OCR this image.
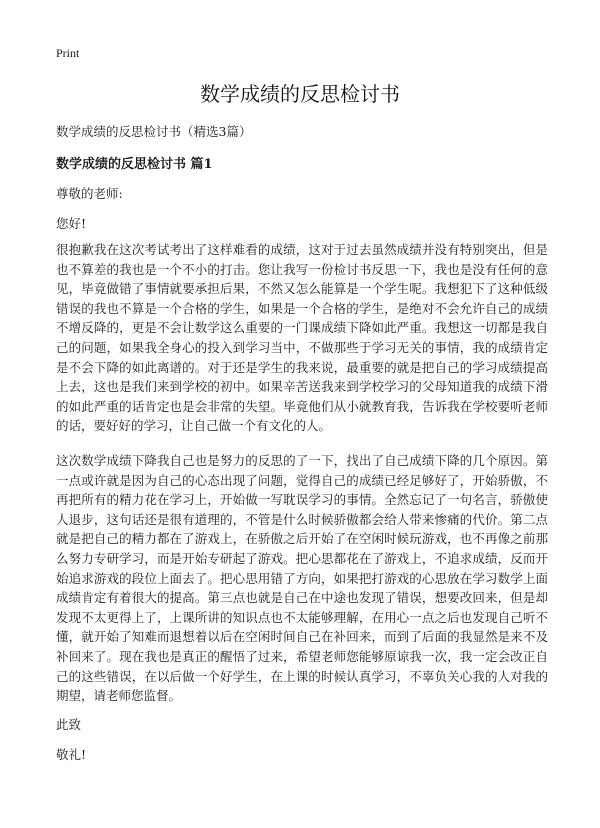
Print
数学成绩的反思检讨书

数学成绩的反思检讨书（精选3篇）

数学成绩的反思检讨书 篇1

尊敬的老师:

您好!

很抱歉我在这次考试考出了这样难看的成绩，这对于过去虽然成绩并没有特别突出，但是也不算差的我也是一个不小的打击。您让我写一份检讨书反思一下，我也是没有任何的意见，毕竟做错了事情就要承担后果，不然又怎么能算是一个学生呢。我想犯下了这种低级错误的我也不算是一个合格的学生，如果是一个合格的学生，是绝对不会允许自己的成绩不增反降的，更是不会让数学这么重要的一门课成绩下降如此严重。我想这一切都是我自己的问题，如果我全身心的投入到学习当中，不做那些于学习无关的事情，我的成绩肯定是不会下降的如此离谱的。对于还是学生的我来说，最重要的就是把自己的学习成绩提高上去，这也是我们来到学校的初中。如果辛苦送我来到学校学习的父母知道我的成绩下滑的如此严重的话肯定也是会非常的失望。毕竟他们从小就教育我，告诉我在学校要听老师的话，要好好的学习，让自己做一个有文化的人。

这次数学成绩下降我自己也是努力的反思的了一下，找出了自己成绩下降的几个原因。第一点或许就是因为自己的心态出现了问题，觉得自己的成绩已经足够好了，开始骄傲，不再把所有的精力花在学习上，开始做一写耽误学习的事情。全然忘记了一句名言，骄傲使人退步，这句话还是很有道理的，不管是什么时候骄傲都会给人带来惨痛的代价。第二点就是把自己的精力都在了游戏上，在骄傲之后开始了在空闲时候玩游戏，也不再像之前那么努力专研学习，而是开始专研起了游戏。把心思都花在了游戏上，不追求成绩，反而开始追求游戏的段位上面去了。把心思用错了方向，如果把打游戏的心思放在学习数学上面成绩肯定有着很大的提高。第三点也就是自己在中途也发现了错误，想要改回来，但是却发现不太更得上了，上课所讲的知识点也不太能够理解，在用心一点之后也发现自己听不懂，就开始了知难而退想着以后在空闲时间自己在补回来，而到了后面的我显然是来不及补回来了。现在我也是真正的醒悟了过来，希望老师您能够原谅我一次，我一定会改正自己的这些错误，在以后做一个好学生，在上课的时候认真学习，不辜负关心我的人对我的期望，请老师您监督。

此致

敬礼!
